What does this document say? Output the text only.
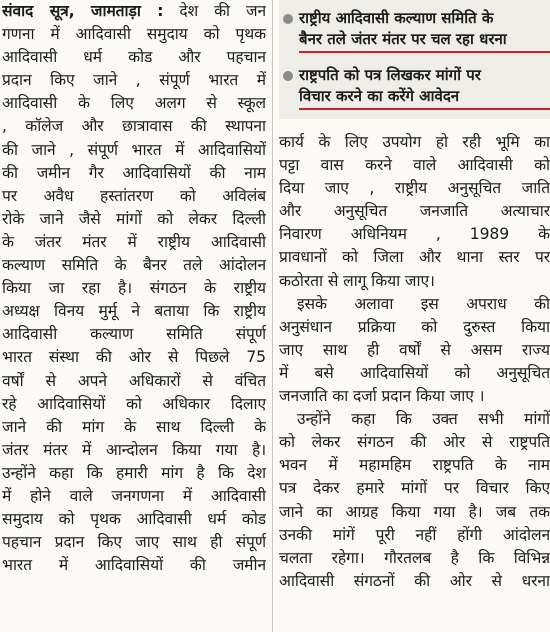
संवाद सूत्र, जामताड़ा : देश की जन
गणना में आदिवासी समुदाय को पृथक
आदिवासी धर्म कोड और पहचान
प्रदान किए जाने , संपूर्ण भारत में
आदिवासी के लिए अलग से स्कूल
, कॉलेज और छात्रावास की स्थापना
की जाने , संपूर्ण भारत में आदिवासियों
की जमीन गैर आदिवासियों की नाम
पर अवैध हस्तांतरण को अविलंब
रोके जाने जैसे मांगों को लेकर दिल्ली
के जंतर मंतर में राष्ट्रीय आदिवासी
कल्याण समिति के बैनर तले आंदोलन
किया जा रहा है। संगठन के राष्ट्रीय
अध्यक्ष विनय मुर्मू ने बताया कि राष्ट्रीय
आदिवासी कल्याण समिति संपूर्ण
भारत संस्था की ओर से पिछले 75
वर्षों से अपने अधिकारों से वंचित
रहे आदिवासियों को अधिकार दिलाए
जाने की मांग के साथ दिल्ली के
जंतर मंतर में आन्दोलन किया गया है।
उन्होंने कहा कि हमारी मांग है कि देश
में होने वाले जनगणना में आदिवासी
समुदाय को पृथक आदिवासी धर्म कोड
पहचान प्रदान किए जाए साथ ही संपूर्ण
भारत में आदिवासियों की जमीन
राष्ट्रीय आदिवासी कल्याण समिति के
बैनर तले जंतर मंतर पर चल रहा धरना
राष्ट्रपति को पत्र लिखकर मांगों पर
विचार करने का करेंगे आवेदन
कार्य के लिए उपयोग हो रही भूमि का
पट्टा वास करने वाले आदिवासी को
दिया जाए , राष्ट्रीय अनुसूचित जाति
और अनुसूचित जनजाति अत्याचार
निवारण अधिनियम , 1989 के
प्रावधानों को जिला और थाना स्तर पर
कठोरता से लागू किया जाए।
इसके अलावा इस अपराध की
अनुसंधान प्रक्रिया को दुरुस्त किया
जाए साथ ही वर्षों से असम राज्य
में बसे आदिवासियों को अनुसूचित
जनजाति का दर्जा प्रदान किया जाए ।
उन्होंने कहा कि उक्त सभी मांगों
को लेकर संगठन की ओर से राष्ट्रपति
भवन में महामहिम राष्ट्रपति के नाम
पत्र देकर हमारे मांगों पर विचार किए
जाने का आग्रह किया गया है। जब तक
उनकी मांगें पूरी नहीं होंगी आंदोलन
चलता रहेगा। गौरतलब है कि विभिन्न
आदिवासी संगठनों की ओर से धरना
